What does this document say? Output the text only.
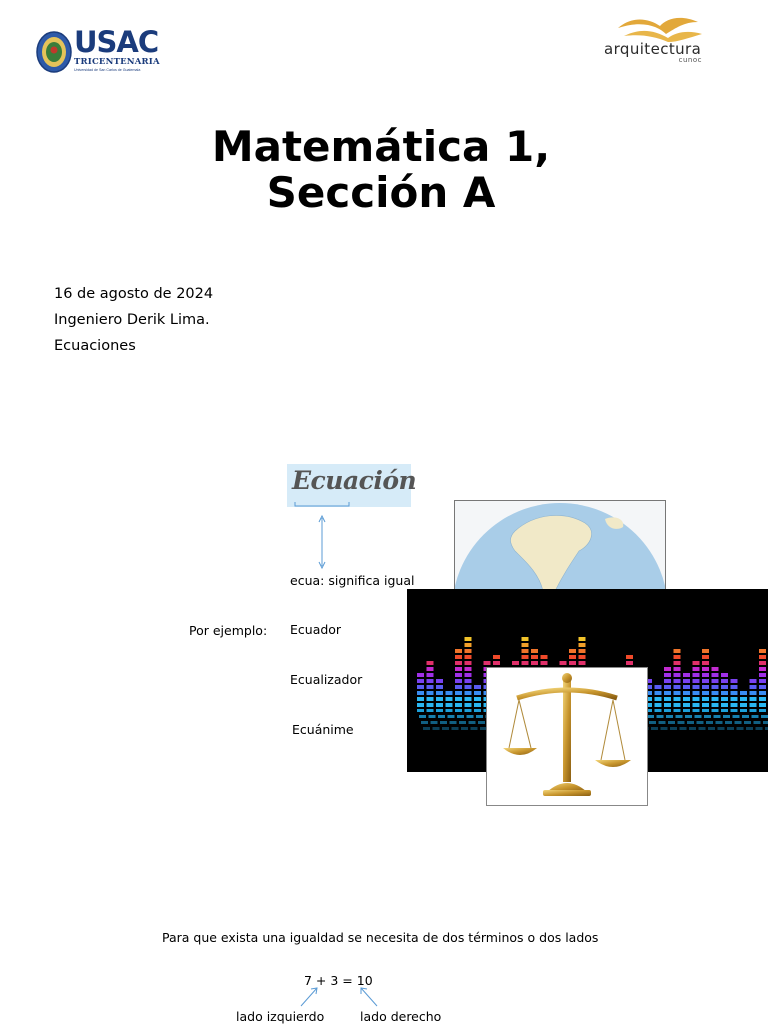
USAC
TRICENTENARIA
Universidad de San Carlos de Guatemala
arquitectura
cunoc
Matemática 1,
Sección A
16 de agosto de 2024
Ingeniero Derik Lima.
Ecuaciones
Ecuación
ecua: significa igual
Por ejemplo: Ecuador
Ecualizador
Ecuánime
Para que exista una igualdad se necesita de dos términos o dos lados
7 + 3 = 10
lado izquierdo	lado derecho
